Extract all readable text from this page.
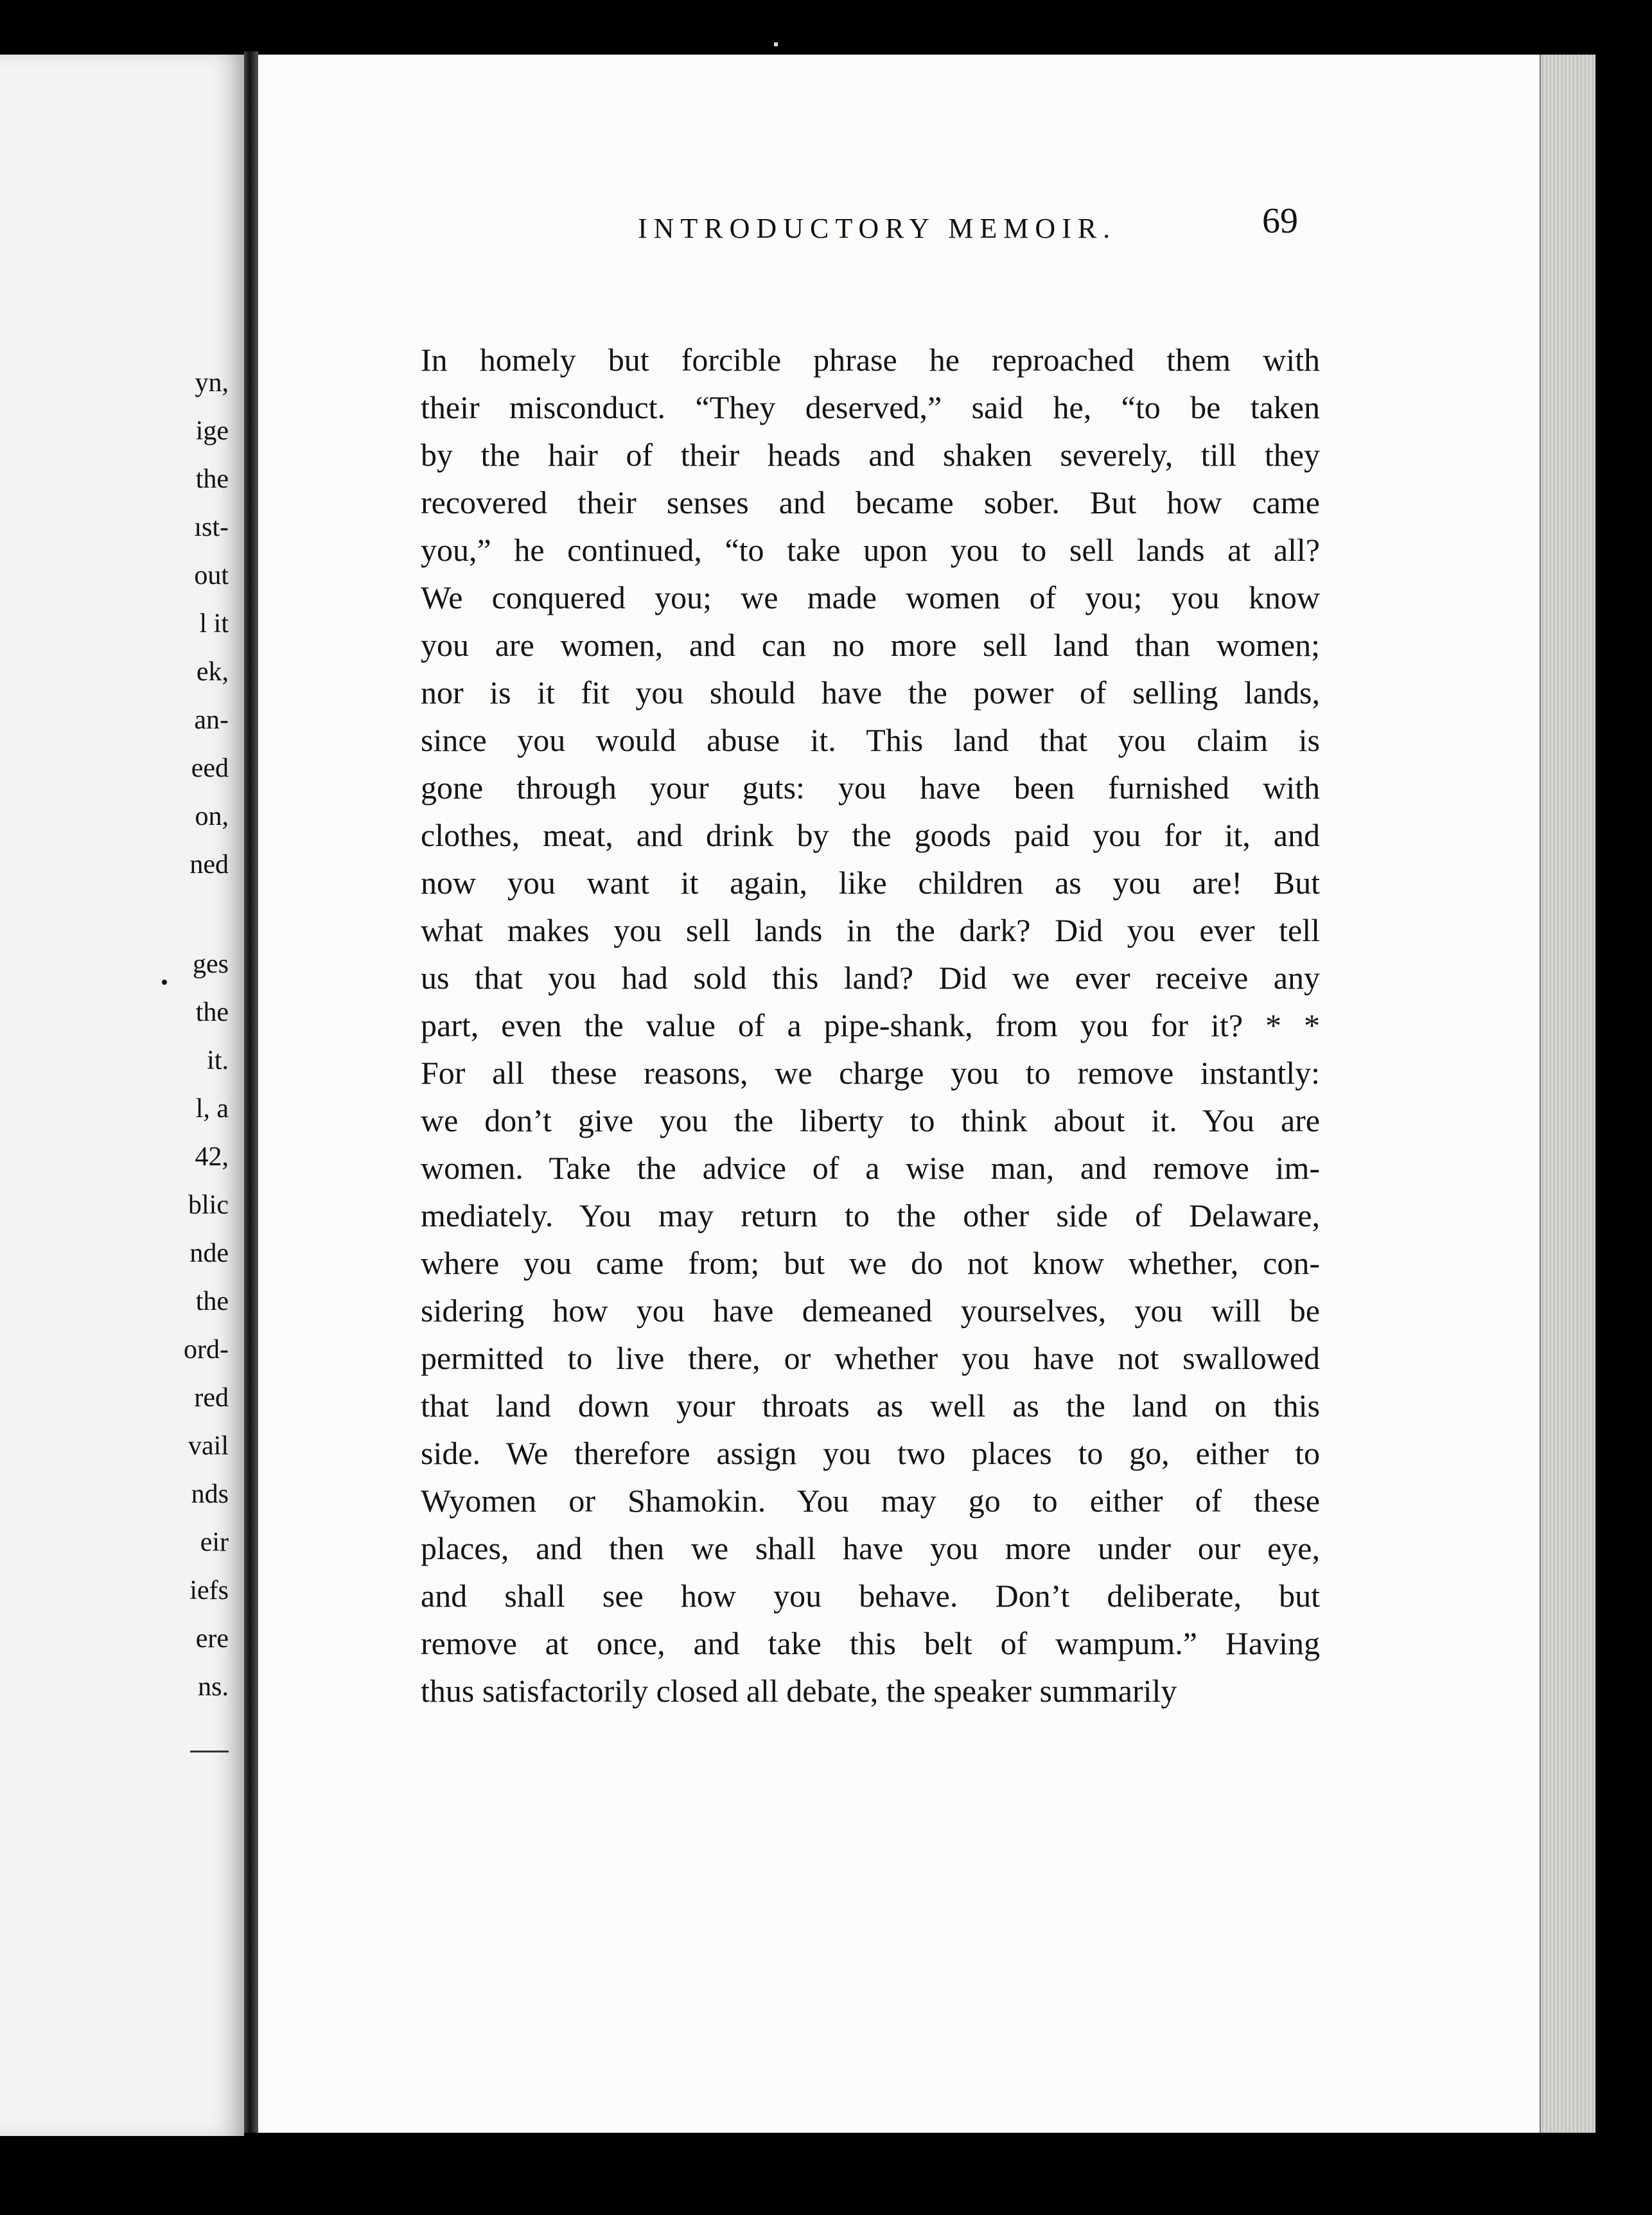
yn,
ige
the
ıst-
out
l it
ek,
an-
eed
on,
ned
ges
the
it.
l, a
42,
blic
nde
the
ord-
red
vail
nds
eir
iefs
ere
ns.
INTRODUCTORY MEMOIR.	69
In homely but forcible phrase he reproached them with
their misconduct. “They deserved,” said he, “to be taken
by the hair of their heads and shaken severely, till they
recovered their senses and became sober. But how came
you,” he continued, “to take upon you to sell lands at all?
We conquered you; we made women of you; you know
you are women, and can no more sell land than women;
nor is it fit you should have the power of selling lands,
since you would abuse it. This land that you claim is
gone through your guts: you have been furnished with
clothes, meat, and drink by the goods paid you for it, and
now you want it again, like children as you are! But
what makes you sell lands in the dark? Did you ever tell
us that you had sold this land? Did we ever receive any
part, even the value of a pipe-shank, from you for it? * *
For all these reasons, we charge you to remove instantly:
we don’t give you the liberty to think about it. You are
women. Take the advice of a wise man, and remove im-
mediately. You may return to the other side of Delaware,
where you came from; but we do not know whether, con-
sidering how you have demeaned yourselves, you will be
permitted to live there, or whether you have not swallowed
that land down your throats as well as the land on this
side. We therefore assign you two places to go, either to
Wyomen or Shamokin. You may go to either of these
places, and then we shall have you more under our eye,
and shall see how you behave. Don’t deliberate, but
remove at once, and take this belt of wampum.” Having
thus satisfactorily closed all debate, the speaker summarily
